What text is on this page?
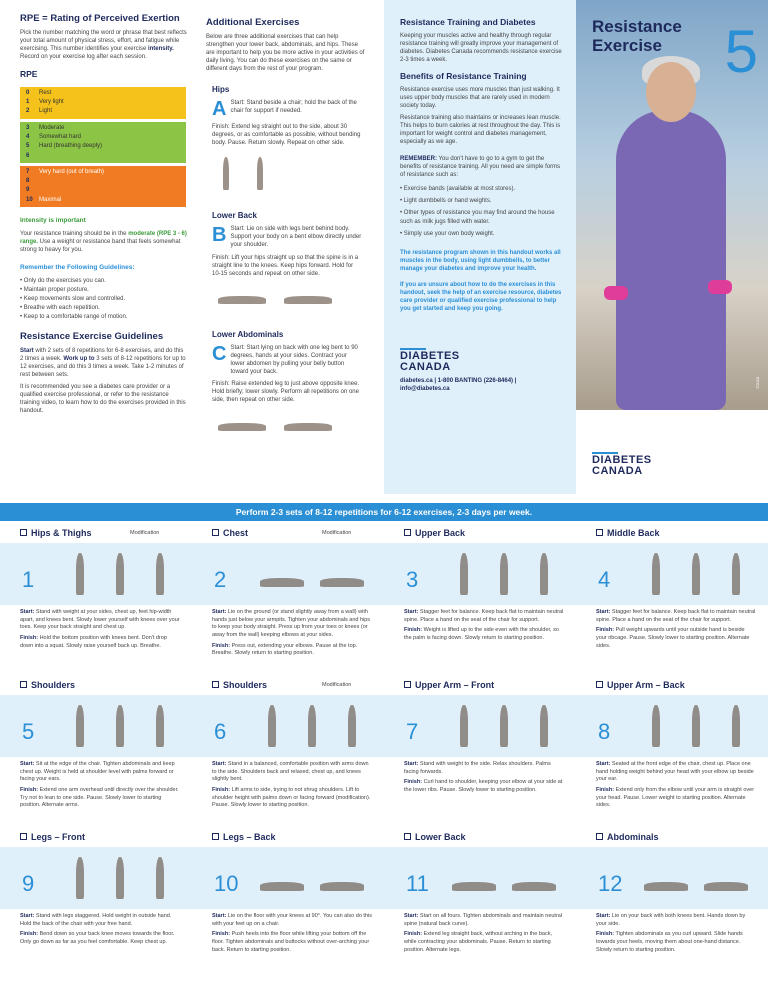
RPE = Rating of Perceived Exertion

Pick the number matching the word or phrase that best reflects your total amount of physical stress, effort, and fatigue while exercising. This number identifies your exercise intensity. Record on your exercise log after each session.

RPE
0	Rest
1	Very light
2	Light
3	Moderate
4	Somewhat hard
5	Hard (breathing deeply)
6
7	Very hard (out of breath)
8
9
10	Maximal
Intensity is important

Your resistance training should be in the moderate (RPE 3 - 6) range. Use a weight or resistance band that feels somewhat strong to heavy for you.

Remember the Following Guidelines:
• Only do the exercises you can.
• Maintain proper posture.
• Keep movements slow and controlled.
• Breathe with each repetition.
• Keep to a comfortable range of motion.
Resistance Exercise Guidelines

Start with 2 sets of 8 repetitions for 6-8 exercises, and do this 2 times a week. Work up to 3 sets of 8-12 repetitions for up to 12 exercises, and do this 3 times a week. Take 1-2 minutes of rest between sets.

It is recommended you see a diabetes care provider or a qualified exercise professional, or refer to the resistance training video, to learn how to do the exercises provided in this handout.

Additional Exercises

Below are three additional exercises that can help strengthen your lower back, abdominals, and hips. These are important to help you be more active in your activities of daily living. You can do these exercises on the same or different days from the rest of your program.

Hips
A Start: Stand beside a chair; hold the back of the chair for support if needed.

Finish: Extend leg straight out to the side, about 30 degrees, or as comfortable as possible, without bending body. Pause. Return slowly. Repeat on other side.

Lower Back
B Start: Lie on side with legs bent behind body. Support your body on a bent elbow directly under your shoulder.

Finish: Lift your hips straight up so that the spine is in a straight line to the knees. Keep hips forward. Hold for 10-15 seconds and repeat on other side.

Lower Abdominals
C Start: Start lying on back with one leg bent to 90 degrees, hands at your sides. Contract your lower abdomen by pulling your belly button toward your back.

Finish: Raise extended leg to just above opposite knee. Hold briefly; lower slowly. Perform all repetitions on one side, then repeat on other side.

Resistance Training and Diabetes

Keeping your muscles active and healthy through regular resistance training will greatly improve your management of diabetes. Diabetes Canada recommends resistance exercise 2-3 times a week.

Benefits of Resistance Training

Resistance exercise uses more muscles than just walking. It uses upper body muscles that are rarely used in modern society today.

Resistance training also maintains or increases lean muscle. This helps to burn calories at rest throughout the day. This is important for weight control and diabetes management, especially as we age.

REMEMBER: You don't have to go to a gym to get the benefits of resistance training. All you need are simple forms of resistance such as:

• Exercise bands (available at most stores).
• Light dumbbells or hand weights.
• Other types of resistance you may find around the house such as milk jugs filled with water.
• Simply use your own body weight.

The resistance program shown in this handout works all muscles in the body, using light dumbbells, to better manage your diabetes and improve your health.

If you are unsure about how to do the exercises in this handout, seek the help of an exercise resource, diabetes care provider or qualified exercise professional to help you get started and keep you going.

DIABETES
CANADA

diabetes.ca | 1-800 BANTING (226-8464) | info@diabetes.ca	©2018
Resistance
Exercise	5
DIABETES
CANADA
Perform 2-3 sets of 8-12 repetitions for 6-12 exercises, 2-3 days per week.
Hips & Thighs	Modification
1
Start: Stand with weight at your sides, chest up, feet hip-width apart, and knees bent. Slowly lower yourself with knees over your toes. Keep your back straight and chest up.
Finish: Hold the bottom position with knees bent. Don't drop down into a squat. Slowly raise yourself back up. Breathe.
Chest	Modification
2
Start: Lie on the ground (or stand slightly away from a wall) with hands just below your armpits. Tighten your abdominals and hips to keep your body straight. Press up from your toes or knees (or away from the wall) keeping elbows at your sides.
Finish: Press out, extending your elbows. Pause at the top. Breathe. Slowly return to starting position.
Upper Back
3
Start: Stagger feet for balance. Keep back flat to maintain neutral spine. Place a hand on the seat of the chair for support.
Finish: Weight is lifted up to the side even with the shoulder, so the palm is facing down. Slowly return to starting position.
Middle Back
4
Start: Stagger feet for balance. Keep back flat to maintain neutral spine. Place a hand on the seat of the chair for support.
Finish: Pull weight upwards until your outside hand is beside your ribcage. Pause. Slowly lower to starting position. Alternate sides.
Shoulders
5
Start: Sit at the edge of the chair. Tighten abdominals and keep chest up. Weight is held at shoulder level with palms forward or facing your ears.
Finish: Extend one arm overhead until directly over the shoulder. Try not to lean to one side. Pause. Slowly lower to starting position. Alternate arms.
Shoulders	Modification
6
Start: Stand in a balanced, comfortable position with arms down to the side. Shoulders back and relaxed, chest up, and knees slightly bent.
Finish: Lift arms to side, trying to not shrug shoulders. Lift to shoulder height with palms down or facing forward (modification). Pause. Slowly lower to starting position.
Upper Arm – Front
7
Start: Stand with weight to the side. Relax shoulders. Palms facing forwards.
Finish: Curl hand to shoulder, keeping your elbow at your side at the lower ribs. Pause. Slowly lower to starting position.
Upper Arm – Back
8
Start: Seated at the front edge of the chair, chest up. Place one hand holding weight behind your head with your elbow up beside your ear.
Finish: Extend only from the elbow until your arm is straight over your head. Pause. Lower weight to starting position. Alternate sides.
Legs – Front
9
Start: Stand with legs staggered. Hold weight in outside hand. Hold the back of the chair with your free hand.
Finish: Bend down so your back knee moves towards the floor. Only go down as far as you feel comfortable. Keep chest up.
Legs – Back
10
Start: Lie on the floor with your knees at 90°. You can also do this with your feet up on a chair.
Finish: Push heels into the floor while lifting your bottom off the floor. Tighten abdominals and buttocks without over-arching your back. Return to starting position.
Lower Back
11
Start: Start on all fours. Tighten abdominals and maintain neutral spine (natural back curve).
Finish: Extend leg straight back, without arching in the back, while contracting your abdominals. Pause. Return to starting position. Alternate legs.
Abdominals
12
Start: Lie on your back with both knees bent. Hands down by your side.
Finish: Tighten abdominals as you curl upward. Slide hands towards your heels, moving them about one-hand distance. Slowly return to starting position.
